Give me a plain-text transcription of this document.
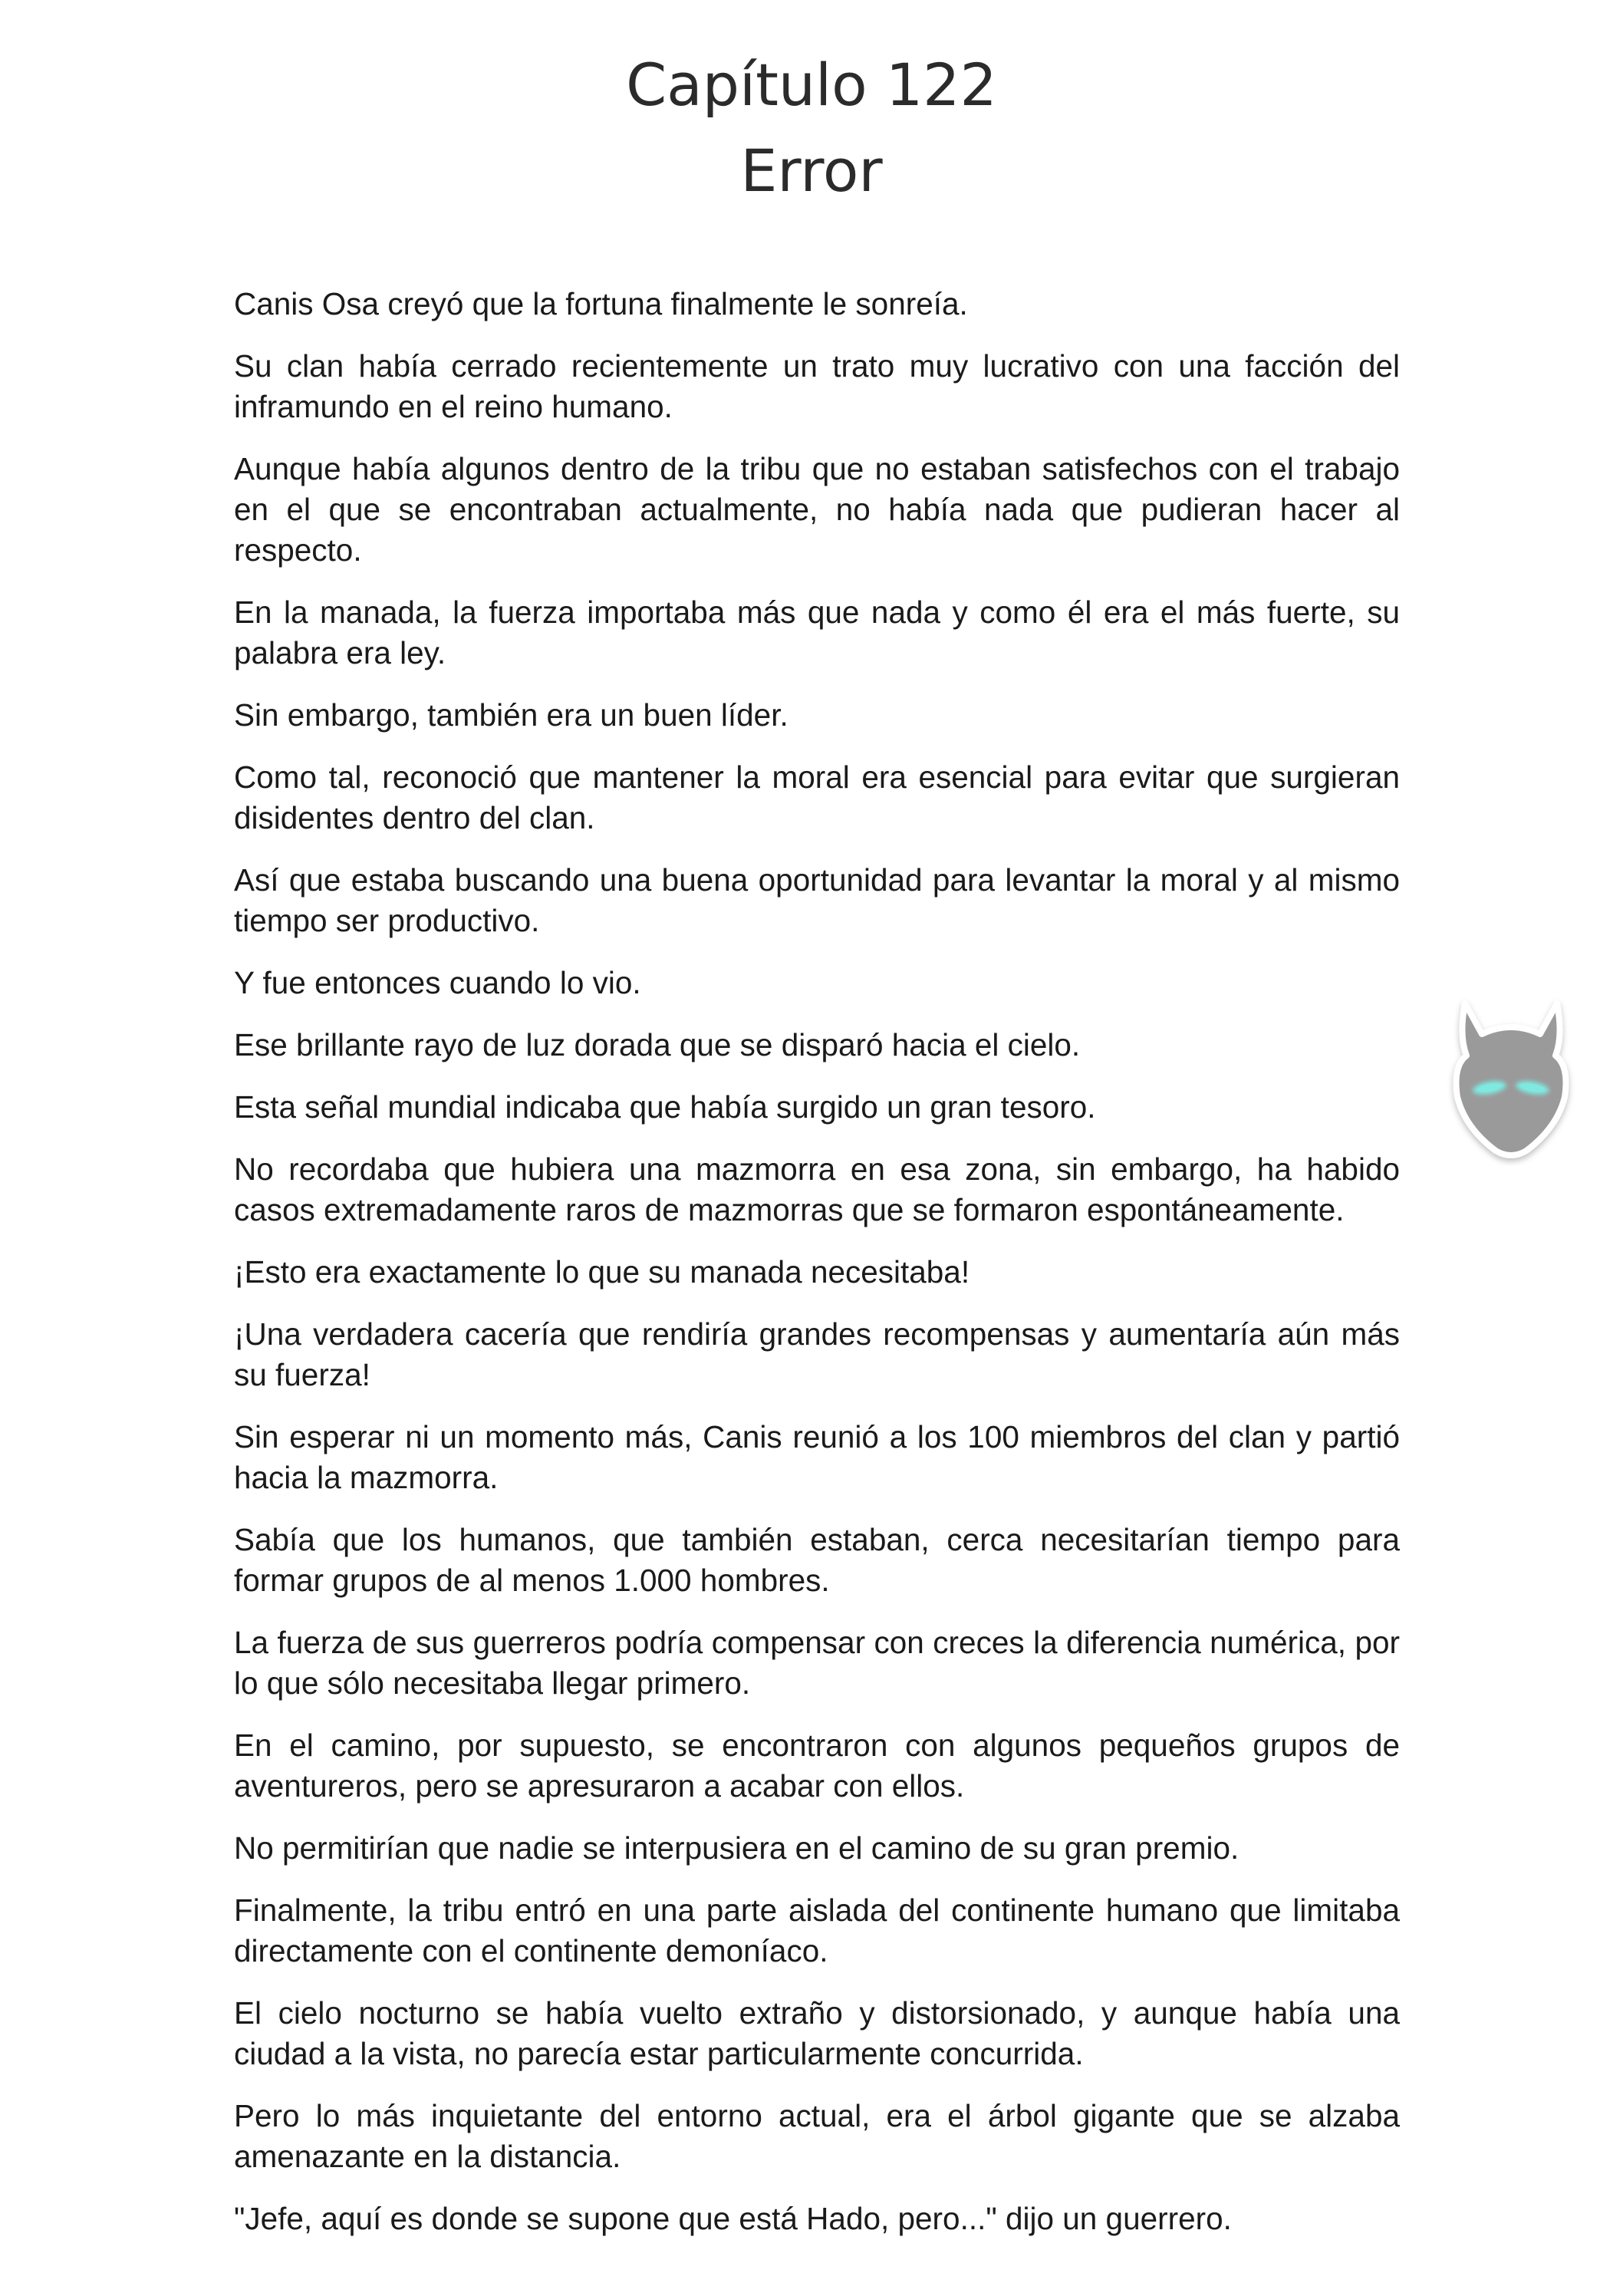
Capítulo 122
Error

Canis Osa creyó que la fortuna finalmente le sonreía.

Su clan había cerrado recientemente un trato muy lucrativo con una facción del inframundo en el reino humano.

Aunque había algunos dentro de la tribu que no estaban satisfechos con el trabajo en el que se encontraban actualmente, no había nada que pudieran hacer al respecto.

En la manada, la fuerza importaba más que nada y como él era el más fuerte, su palabra era ley.

Sin embargo, también era un buen líder.

Como tal, reconoció que mantener la moral era esencial para evitar que surgieran disidentes dentro del clan.

Así que estaba buscando una buena oportunidad para levantar la moral y al mismo tiempo ser productivo.

Y fue entonces cuando lo vio.

Ese brillante rayo de luz dorada que se disparó hacia el cielo.

Esta señal mundial indicaba que había surgido un gran tesoro.

No recordaba que hubiera una mazmorra en esa zona, sin embargo, ha habido casos extremadamente raros de mazmorras que se formaron espontáneamente.

¡Esto era exactamente lo que su manada necesitaba!

¡Una verdadera cacería que rendiría grandes recompensas y aumentaría aún más su fuerza!

Sin esperar ni un momento más, Canis reunió a los 100 miembros del clan y partió hacia la mazmorra.

Sabía que los humanos, que también estaban, cerca necesitarían tiempo para formar grupos de al menos 1.000 hombres.

La fuerza de sus guerreros podría compensar con creces la diferencia numérica, por lo que sólo necesitaba llegar primero.

En el camino, por supuesto, se encontraron con algunos pequeños grupos de aventureros, pero se apresuraron a acabar con ellos.

No permitirían que nadie se interpusiera en el camino de su gran premio.

Finalmente, la tribu entró en una parte aislada del continente humano que limitaba directamente con el continente demoníaco.

El cielo nocturno se había vuelto extraño y distorsionado, y aunque había una ciudad a la vista, no parecía estar particularmente concurrida.

Pero lo más inquietante del entorno actual, era el árbol gigante que se alzaba amenazante en la distancia.

"Jefe, aquí es donde se supone que está Hado, pero..." dijo un guerrero.
